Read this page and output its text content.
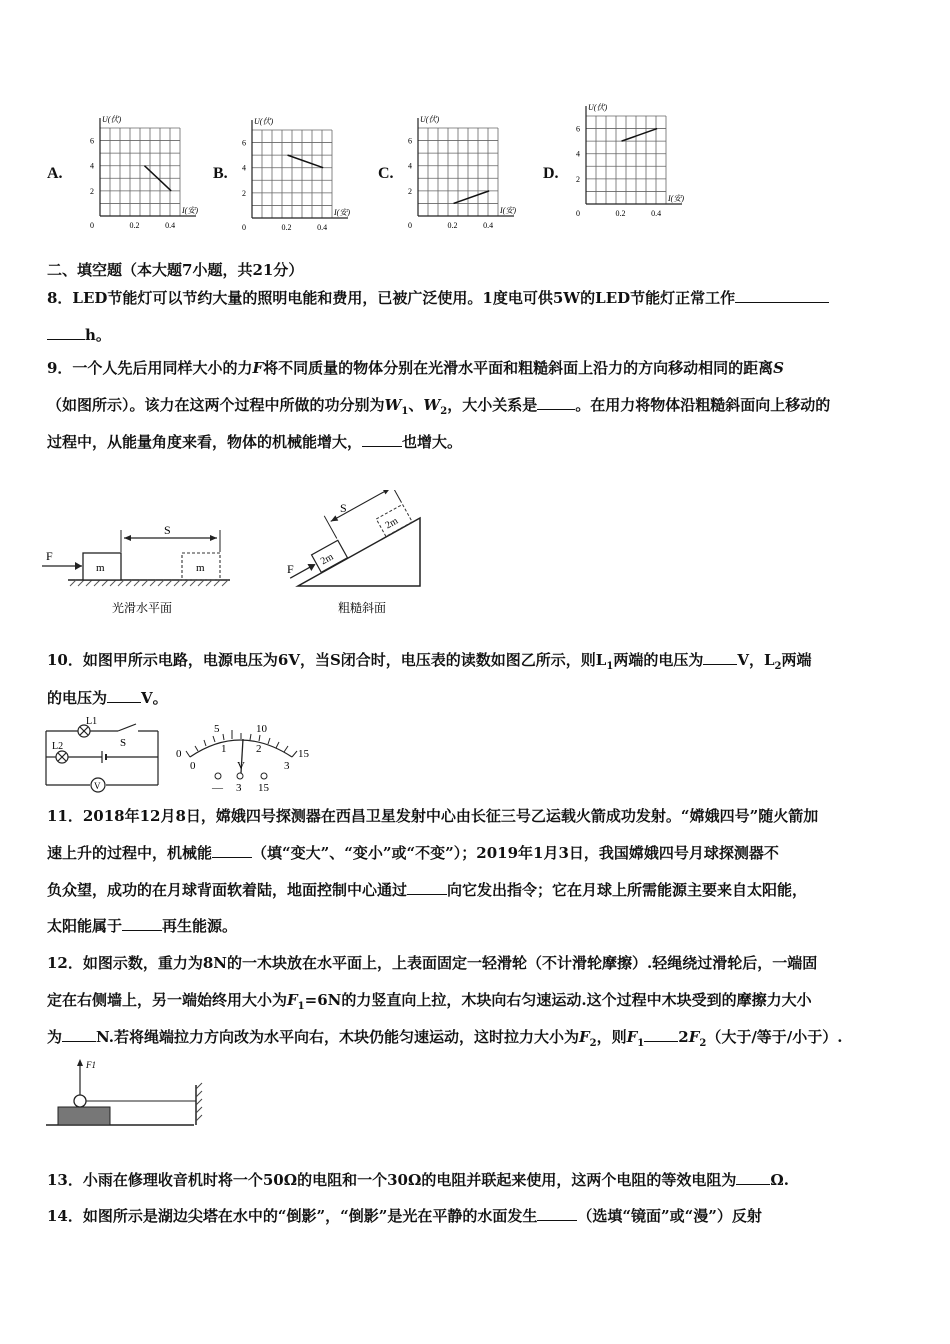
A.	B.	C.	D.
U(伏)
I(安)
2
4
6
0	0.2	0.4
U(伏)
I(安)
2
4
6
0	0.2	0.4
U(伏)
I(安)
2
4
6
0	0.2	0.4
U(伏)
I(安)
2
4
6
0	0.2	0.4
二、填空题（本大题7小题，共21分）
8．LED节能灯可以节约大量的照明电能和费用，已被广泛使用。1度电可供5W的LED节能灯正常工作
h。
9．一个人先后用同样大小的力F将不同质量的物体分别在光滑水平面和粗糙斜面上沿力的方向移动相同的距离S
（如图所示）。该力在这两个过程中所做的功分别为$W_1$、$W_2$，大小关系是	。在用力将物体沿粗糙斜面向上移动的
过程中，从能量角度来看，物体的机械能增大，	也增大。
m	m
F
S
光滑水平面
2m
2m
S
F
粗糙斜面
10．如图甲所示电路，电源电压为6V，当S闭合时，电压表的读数如图乙所示，则$L_1$两端的电压为 V，$L_2$两端
的电压为 V。
L1
L2	S
V
0
5	10
15
0
1	2
3
V
— 3 15
11．2018年12月8日，嫦娥四号探测器在西昌卫星发射中心由长征三号乙运载火箭成功发射。“嫦娥四号”随火箭加
速上升的过程中，机械能	（填“变大”、“变小”或“不变”）；2019年1月3日，我国嫦娥四号月球探测器不
负众望，成功的在月球背面软着陆，地面控制中心通过	向它发出指令；它在月球上所需能源主要来自太阳能，
太阳能属于	再生能源。
12．如图示数，重力为8N的一木块放在水平面上，上表面固定一轻滑轮（不计滑轮摩擦）.轻绳绕过滑轮后，一端固
定在右侧墙上，另一端始终用大小为$F_1=6N$的力竖直向上拉，木块向右匀速运动.这个过程中木块受到的摩擦力大小
为 N.若将绳端拉力方向改为水平向右，木块仍能匀速运动，这时拉力大小为$F_2$，则$F_1$ $2F_2$（大于/等于/小于）.
F1
13．小雨在修理收音机时将一个50Ω的电阻和一个30Ω的电阻并联起来使用，这两个电阻的等效电阻为 Ω.
14．如图所示是湖边尖塔在水中的“倒影”，“倒影”是光在平静的水面发生	（选填“镜面”或“漫”）反射
